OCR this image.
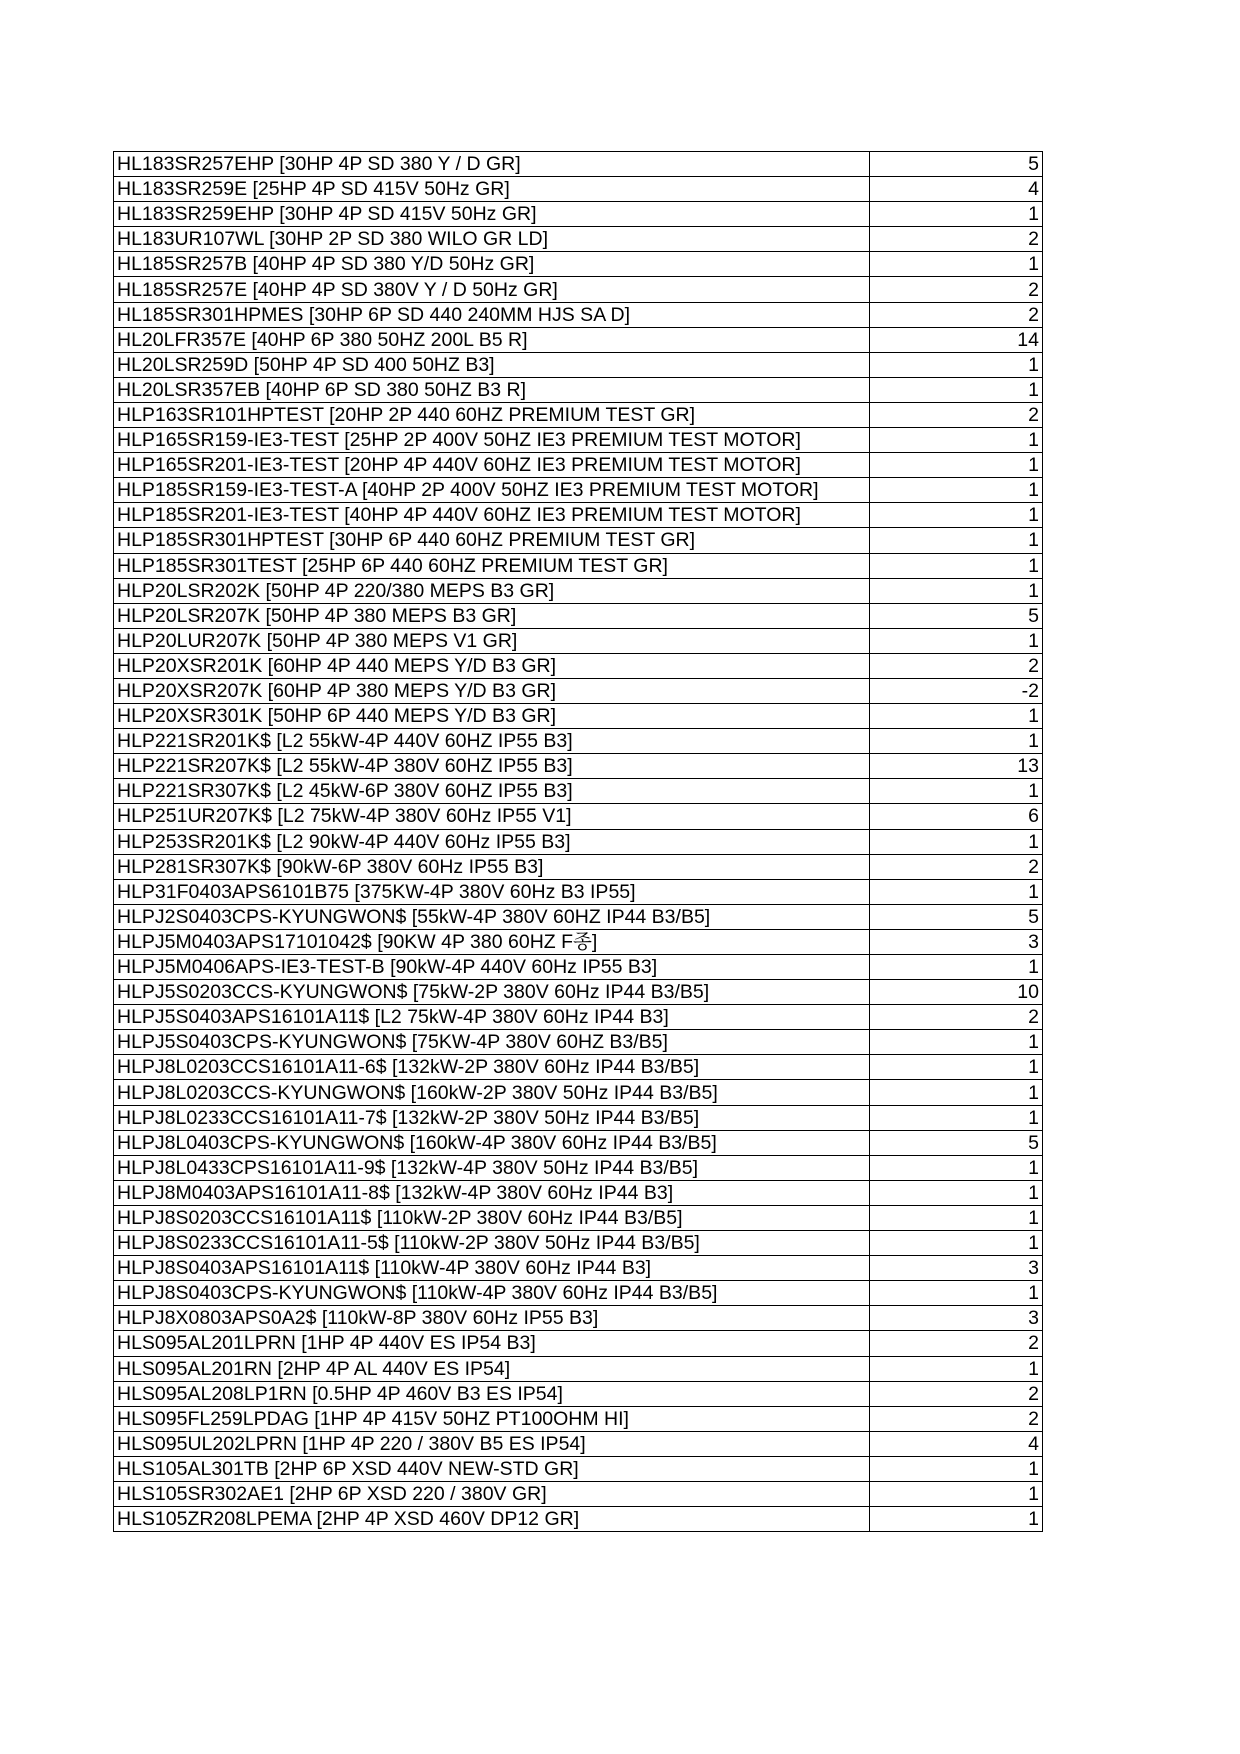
HL183SR257EHP [30HP 4P SD 380 Y / D GR]	5
HL183SR259E [25HP 4P SD 415V 50Hz GR]	4
HL183SR259EHP [30HP 4P SD 415V 50Hz GR]	1
HL183UR107WL [30HP 2P SD 380 WILO GR LD]	2
HL185SR257B [40HP 4P SD 380 Y/D 50Hz GR]	1
HL185SR257E [40HP 4P SD 380V Y / D 50Hz GR]	2
HL185SR301HPMES [30HP 6P SD 440 240MM HJS SA D]	2
HL20LFR357E [40HP 6P 380 50HZ 200L B5 R]	14
HL20LSR259D [50HP 4P SD 400 50HZ B3]	1
HL20LSR357EB [40HP 6P SD 380 50HZ B3 R]	1
HLP163SR101HPTEST [20HP 2P 440 60HZ PREMIUM TEST GR]	2
HLP165SR159-IE3-TEST [25HP 2P 400V 50HZ IE3 PREMIUM TEST MOTOR]	1
HLP165SR201-IE3-TEST [20HP 4P 440V 60HZ IE3 PREMIUM TEST MOTOR]	1
HLP185SR159-IE3-TEST-A [40HP 2P 400V 50HZ IE3 PREMIUM TEST MOTOR]	1
HLP185SR201-IE3-TEST [40HP 4P 440V 60HZ IE3 PREMIUM TEST MOTOR]	1
HLP185SR301HPTEST [30HP 6P 440 60HZ PREMIUM TEST GR]	1
HLP185SR301TEST [25HP 6P 440 60HZ PREMIUM TEST GR]	1
HLP20LSR202K [50HP 4P 220/380 MEPS B3 GR]	1
HLP20LSR207K [50HP 4P 380 MEPS B3 GR]	5
HLP20LUR207K [50HP 4P 380 MEPS V1 GR]	1
HLP20XSR201K [60HP 4P 440 MEPS Y/D B3 GR]	2
HLP20XSR207K [60HP 4P 380 MEPS Y/D B3 GR]	-2
HLP20XSR301K [50HP 6P 440 MEPS Y/D B3 GR]	1
HLP221SR201K$ [L2 55kW-4P 440V 60HZ IP55 B3]	1
HLP221SR207K$ [L2 55kW-4P 380V 60HZ IP55 B3]	13
HLP221SR307K$ [L2 45kW-6P 380V 60HZ IP55 B3]	1
HLP251UR207K$ [L2 75kW-4P 380V 60Hz IP55 V1]	6
HLP253SR201K$ [L2 90kW-4P 440V 60Hz IP55 B3]	1
HLP281SR307K$ [90kW-6P 380V 60Hz IP55 B3]	2
HLP31F0403APS6101B75 [375KW-4P 380V 60Hz B3 IP55]	1
HLPJ2S0403CPS-KYUNGWON$ [55kW-4P 380V 60HZ IP44 B3/B5]	5
HLPJ5M0403APS17101042$ [90KW 4P 380 60HZ F종]	3
HLPJ5M0406APS-IE3-TEST-B [90kW-4P 440V 60Hz IP55 B3]	1
HLPJ5S0203CCS-KYUNGWON$ [75kW-2P 380V 60Hz IP44 B3/B5]	10
HLPJ5S0403APS16101A11$ [L2 75kW-4P 380V 60Hz IP44 B3]	2
HLPJ5S0403CPS-KYUNGWON$ [75KW-4P 380V 60HZ B3/B5]	1
HLPJ8L0203CCS16101A11-6$ [132kW-2P 380V 60Hz IP44 B3/B5]	1
HLPJ8L0203CCS-KYUNGWON$ [160kW-2P 380V 50Hz IP44 B3/B5]	1
HLPJ8L0233CCS16101A11-7$ [132kW-2P 380V 50Hz IP44 B3/B5]	1
HLPJ8L0403CPS-KYUNGWON$ [160kW-4P 380V 60Hz IP44 B3/B5]	5
HLPJ8L0433CPS16101A11-9$ [132kW-4P 380V 50Hz IP44 B3/B5]	1
HLPJ8M0403APS16101A11-8$ [132kW-4P 380V 60Hz IP44 B3]	1
HLPJ8S0203CCS16101A11$ [110kW-2P 380V 60Hz IP44 B3/B5]	1
HLPJ8S0233CCS16101A11-5$ [110kW-2P 380V 50Hz IP44 B3/B5]	1
HLPJ8S0403APS16101A11$ [110kW-4P 380V 60Hz IP44 B3]	3
HLPJ8S0403CPS-KYUNGWON$ [110kW-4P 380V 60Hz IP44 B3/B5]	1
HLPJ8X0803APS0A2$ [110kW-8P 380V 60Hz IP55 B3]	3
HLS095AL201LPRN [1HP 4P 440V ES IP54 B3]	2
HLS095AL201RN [2HP 4P AL 440V ES IP54]	1
HLS095AL208LP1RN [0.5HP 4P 460V B3 ES IP54]	2
HLS095FL259LPDAG [1HP 4P 415V 50HZ PT100OHM HI]	2
HLS095UL202LPRN [1HP 4P 220 / 380V B5 ES IP54]	4
HLS105AL301TB [2HP 6P XSD 440V NEW-STD GR]	1
HLS105SR302AE1 [2HP 6P XSD 220 / 380V GR]	1
HLS105ZR208LPEMA [2HP 4P XSD 460V DP12 GR]	1
